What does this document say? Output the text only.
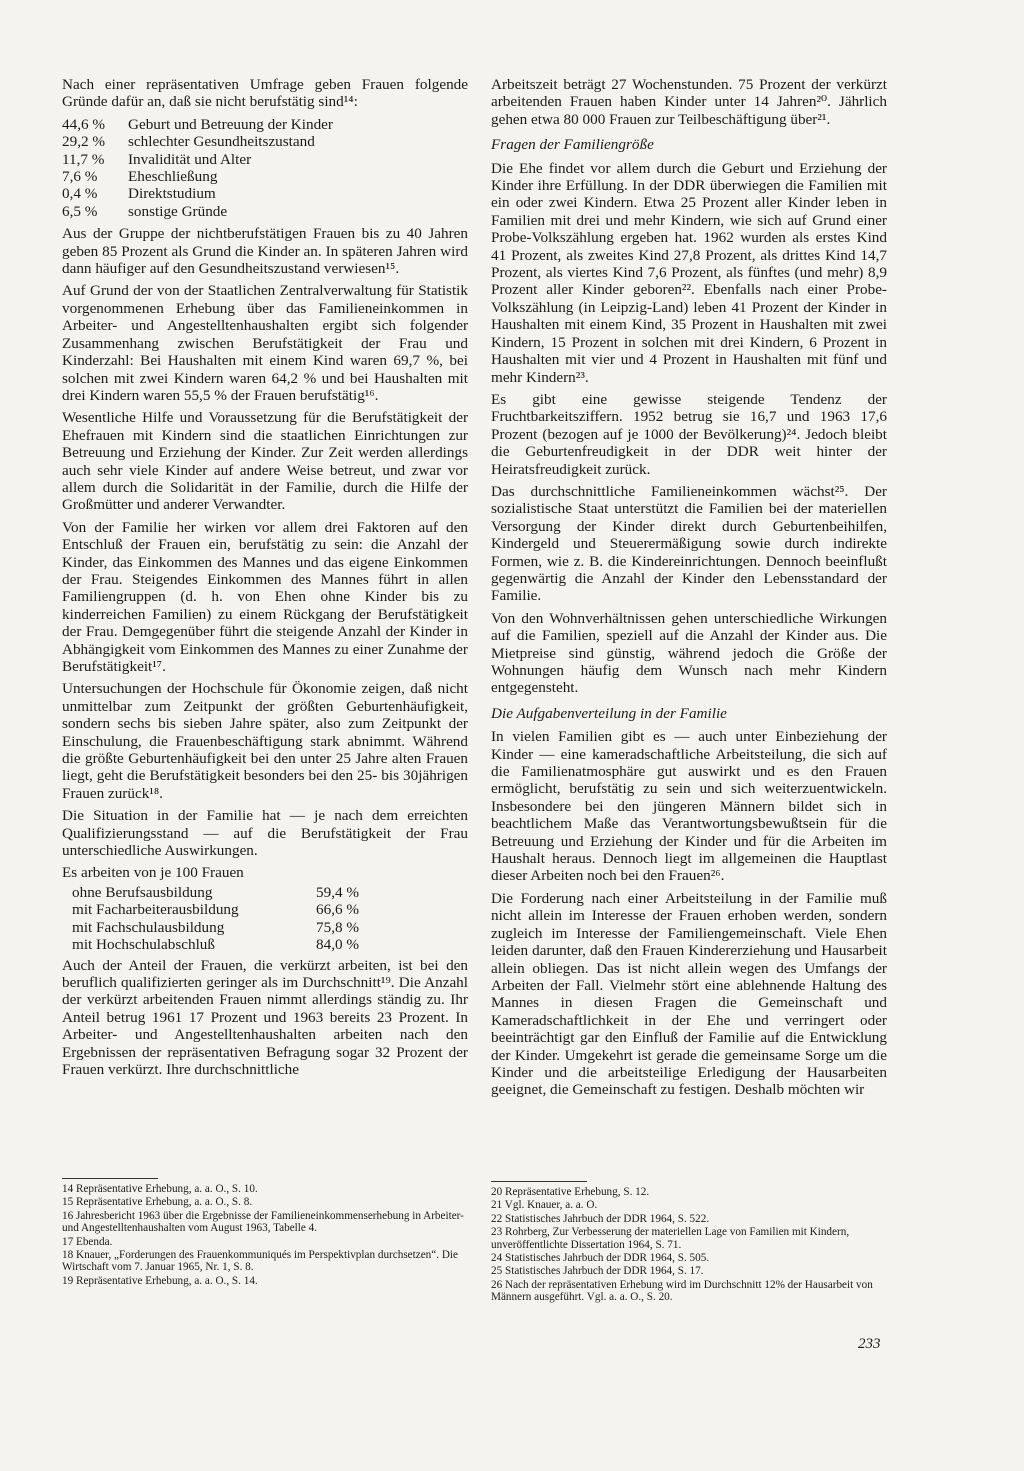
Nach einer repräsentativen Umfrage geben Frauen folgende Gründe dafür an, daß sie nicht berufstätig sind¹⁴:

44,6 %	Geburt und Betreuung der Kinder
29,2 %	schlechter Gesundheitszustand
11,7 %	Invalidität und Alter
7,6 %	Eheschließung
0,4 %	Direktstudium
6,5 %	sonstige Gründe

Aus der Gruppe der nichtberufstätigen Frauen bis zu 40 Jahren geben 85 Prozent als Grund die Kinder an. In späteren Jahren wird dann häufiger auf den Gesundheitszustand verwiesen¹⁵.

Auf Grund der von der Staatlichen Zentralverwaltung für Statistik vorgenommenen Erhebung über das Familieneinkommen in Arbeiter- und Angestelltenhaushalten ergibt sich folgender Zusammenhang zwischen Berufstätigkeit der Frau und Kinderzahl: Bei Haushalten mit einem Kind waren 69,7 %, bei solchen mit zwei Kindern waren 64,2 % und bei Haushalten mit drei Kindern waren 55,5 % der Frauen berufstätig¹⁶.

Wesentliche Hilfe und Voraussetzung für die Berufstätigkeit der Ehefrauen mit Kindern sind die staatlichen Einrichtungen zur Betreuung und Erziehung der Kinder. Zur Zeit werden allerdings auch sehr viele Kinder auf andere Weise betreut, und zwar vor allem durch die Solidarität in der Familie, durch die Hilfe der Großmütter und anderer Verwandter.

Von der Familie her wirken vor allem drei Faktoren auf den Entschluß der Frauen ein, berufstätig zu sein: die Anzahl der Kinder, das Einkommen des Mannes und das eigene Einkommen der Frau. Steigendes Einkommen des Mannes führt in allen Familiengruppen (d. h. von Ehen ohne Kinder bis zu kinderreichen Familien) zu einem Rückgang der Berufstätigkeit der Frau. Demgegenüber führt die steigende Anzahl der Kinder in Abhängigkeit vom Einkommen des Mannes zu einer Zunahme der Berufstätigkeit¹⁷.

Untersuchungen der Hochschule für Ökonomie zeigen, daß nicht unmittelbar zum Zeitpunkt der größten Geburtenhäufigkeit, sondern sechs bis sieben Jahre später, also zum Zeitpunkt der Einschulung, die Frauenbeschäftigung stark abnimmt. Während die größte Geburtenhäufigkeit bei den unter 25 Jahre alten Frauen liegt, geht die Berufstätigkeit besonders bei den 25- bis 30jährigen Frauen zurück¹⁸.

Die Situation in der Familie hat — je nach dem erreichten Qualifizierungsstand — auf die Berufstätigkeit der Frau unterschiedliche Auswirkungen.

Es arbeiten von je 100 Frauen
ohne Berufsausbildung	59,4 %
mit Facharbeiterausbildung	66,6 %
mit Fachschulausbildung	75,8 %
mit Hochschulabschluß	84,0 %

Auch der Anteil der Frauen, die verkürzt arbeiten, ist bei den beruflich qualifizierten geringer als im Durchschnitt¹⁹. Die Anzahl der verkürzt arbeitenden Frauen nimmt allerdings ständig zu. Ihr Anteil betrug 1961 17 Prozent und 1963 bereits 23 Prozent. In Arbeiter- und Angestelltenhaushalten arbeiten nach den Ergebnissen der repräsentativen Befragung sogar 32 Prozent der Frauen verkürzt. Ihre durchschnittliche

14 Repräsentative Erhebung, a. a. O., S. 10.
15 Repräsentative Erhebung, a. a. O., S. 8.
16 Jahresbericht 1963 über die Ergebnisse der Familieneinkommenserhebung in Arbeiter- und Angestelltenhaushalten vom August 1963, Tabelle 4.
17 Ebenda.
18 Knauer, „Forderungen des Frauenkommuniqués im Perspektivplan durchsetzen“. Die Wirtschaft vom 7. Januar 1965, Nr. 1, S. 8.
19 Repräsentative Erhebung, a. a. O., S. 14.

Arbeitszeit beträgt 27 Wochenstunden. 75 Prozent der verkürzt arbeitenden Frauen haben Kinder unter 14 Jahren²⁰. Jährlich gehen etwa 80 000 Frauen zur Teilbeschäftigung über²¹.

Fragen der Familiengröße

Die Ehe findet vor allem durch die Geburt und Erziehung der Kinder ihre Erfüllung. In der DDR überwiegen die Familien mit ein oder zwei Kindern. Etwa 25 Prozent aller Kinder leben in Familien mit drei und mehr Kindern, wie sich auf Grund einer Probe-Volkszählung ergeben hat. 1962 wurden als erstes Kind 41 Prozent, als zweites Kind 27,8 Prozent, als drittes Kind 14,7 Prozent, als viertes Kind 7,6 Prozent, als fünftes (und mehr) 8,9 Prozent aller Kinder geboren²². Ebenfalls nach einer Probe-Volkszählung (in Leipzig-Land) leben 41 Prozent der Kinder in Haushalten mit einem Kind, 35 Prozent in Haushalten mit zwei Kindern, 15 Prozent in solchen mit drei Kindern, 6 Prozent in Haushalten mit vier und 4 Prozent in Haushalten mit fünf und mehr Kindern²³.

Es gibt eine gewisse steigende Tendenz der Fruchtbarkeitsziffern. 1952 betrug sie 16,7 und 1963 17,6 Prozent (bezogen auf je 1000 der Bevölkerung)²⁴. Jedoch bleibt die Geburtenfreudigkeit in der DDR weit hinter der Heiratsfreudigkeit zurück.

Das durchschnittliche Familieneinkommen wächst²⁵. Der sozialistische Staat unterstützt die Familien bei der materiellen Versorgung der Kinder direkt durch Geburtenbeihilfen, Kindergeld und Steuerermäßigung sowie durch indirekte Formen, wie z. B. die Kindereinrichtungen. Dennoch beeinflußt gegenwärtig die Anzahl der Kinder den Lebensstandard der Familie.

Von den Wohnverhältnissen gehen unterschiedliche Wirkungen auf die Familien, speziell auf die Anzahl der Kinder aus. Die Mietpreise sind günstig, während jedoch die Größe der Wohnungen häufig dem Wunsch nach mehr Kindern entgegensteht.

Die Aufgabenverteilung in der Familie

In vielen Familien gibt es — auch unter Einbeziehung der Kinder — eine kameradschaftliche Arbeitsteilung, die sich auf die Familienatmosphäre gut auswirkt und es den Frauen ermöglicht, berufstätig zu sein und sich weiterzuentwickeln. Insbesondere bei den jüngeren Männern bildet sich in beachtlichem Maße das Verantwortungsbewußtsein für die Betreuung und Erziehung der Kinder und für die Arbeiten im Haushalt heraus. Dennoch liegt im allgemeinen die Hauptlast dieser Arbeiten noch bei den Frauen²⁶.

Die Forderung nach einer Arbeitsteilung in der Familie muß nicht allein im Interesse der Frauen erhoben werden, sondern zugleich im Interesse der Familiengemeinschaft. Viele Ehen leiden darunter, daß den Frauen Kindererziehung und Hausarbeit allein obliegen. Das ist nicht allein wegen des Umfangs der Arbeiten der Fall. Vielmehr stört eine ablehnende Haltung des Mannes in diesen Fragen die Gemeinschaft und Kameradschaftlichkeit in der Ehe und verringert oder beeinträchtigt gar den Einfluß der Familie auf die Entwicklung der Kinder. Umgekehrt ist gerade die gemeinsame Sorge um die Kinder und die arbeitsteilige Erledigung der Hausarbeiten geeignet, die Gemeinschaft zu festigen. Deshalb möchten wir

20 Repräsentative Erhebung, S. 12.
21 Vgl. Knauer, a. a. O.
22 Statistisches Jahrbuch der DDR 1964, S. 522.
23 Rohrberg, Zur Verbesserung der materiellen Lage von Familien mit Kindern, unveröffentlichte Dissertation 1964, S. 71.
24 Statistisches Jahrbuch der DDR 1964, S. 505.
25 Statistisches Jahrbuch der DDR 1964, S. 17.
26 Nach der repräsentativen Erhebung wird im Durchschnitt 12% der Hausarbeit von Männern ausgeführt. Vgl. a. a. O., S. 20.
233
